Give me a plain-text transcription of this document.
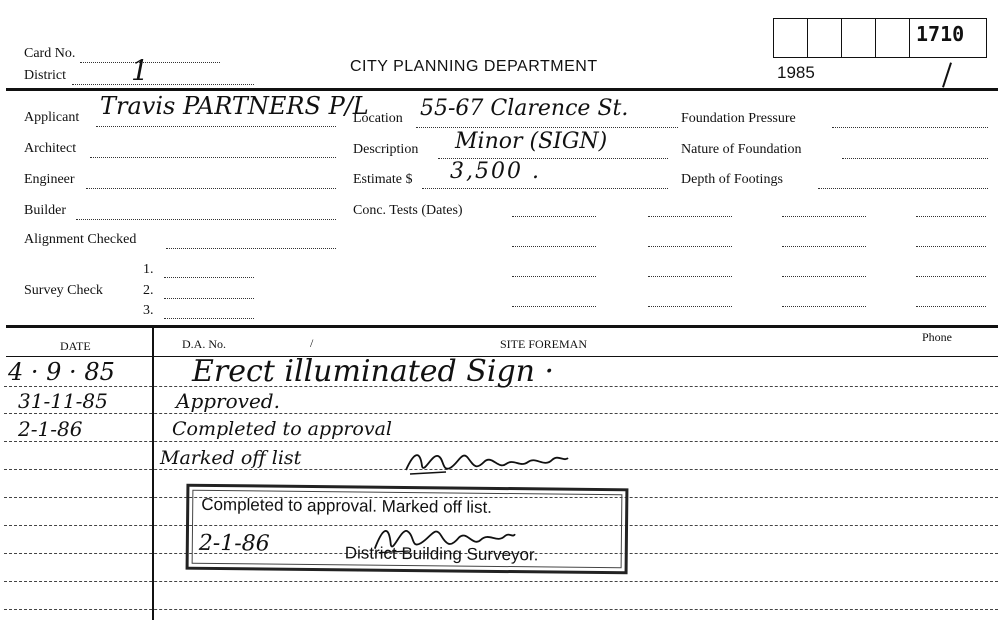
Card No.
District 1	CITY PLANNING DEPARTMENT	1985
1710
Applicant Travis PARTNERS P/L
Architect
Engineer
Builder
Alignment Checked
Survey Check
1.
2.
3.
Location 55-67 Clarence St.
Description Minor (SIGN)
Estimate $ 3,500 .
Conc. Tests (Dates)
Foundation Pressure
Nature of Foundation
Depth of Footings
DATE	D.A. No.	/	SITE FOREMAN	Phone
4 · 9 · 85	Erect illuminated Sign ·
31-11-85	Approved.
2-1-86	Completed to approval
Marked off list
Completed to approval. Marked off list.
2-1-86	District Building Surveyor.
